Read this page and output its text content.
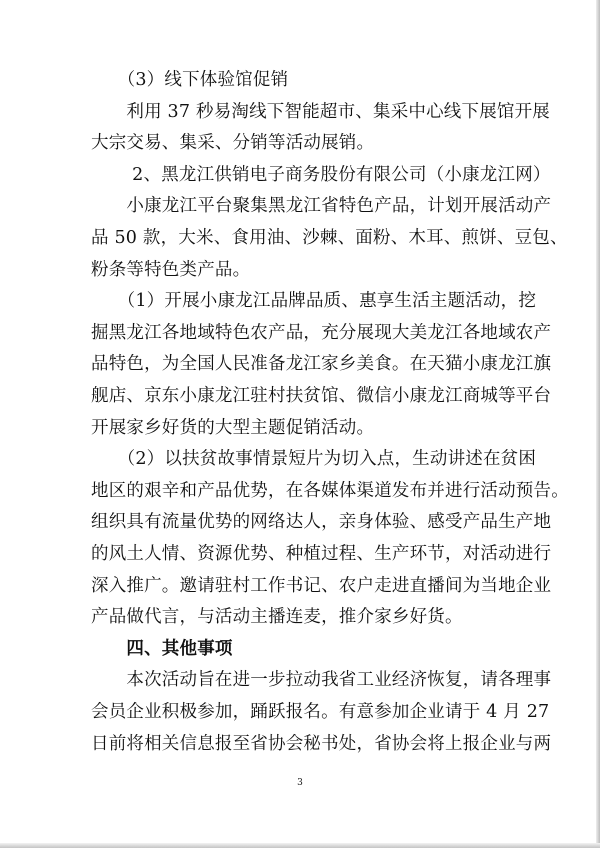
　　（3）线下体验馆促销
　　利用 37 秒易淘线下智能超市、集采中心线下展馆开展
大宗交易、集采、分销等活动展销。
　　 2、黑龙江供销电子商务股份有限公司（小康龙江网）
　　小康龙江平台聚集黑龙江省特色产品，计划开展活动产
品 50 款，大米、食用油、沙棘、面粉、木耳、煎饼、豆包、
粉条等特色类产品。
　　（1）开展小康龙江品牌品质、惠享生活主题活动，挖
掘黑龙江各地域特色农产品，充分展现大美龙江各地域农产
品特色，为全国人民准备龙江家乡美食。在天猫小康龙江旗
舰店、京东小康龙江驻村扶贫馆、微信小康龙江商城等平台
开展家乡好货的大型主题促销活动。
　　（2）以扶贫故事情景短片为切入点，生动讲述在贫困
地区的艰辛和产品优势，在各媒体渠道发布并进行活动预告。
组织具有流量优势的网络达人，亲身体验、感受产品生产地
的风土人情、资源优势、种植过程、生产环节，对活动进行
深入推广。邀请驻村工作书记、农户走进直播间为当地企业
产品做代言，与活动主播连麦，推介家乡好货。
　　四、其他事项
　　本次活动旨在进一步拉动我省工业经济恢复，请各理事
会员企业积极参加，踊跃报名。有意参加企业请于 4 月 27
日前将相关信息报至省协会秘书处，省协会将上报企业与两
3
